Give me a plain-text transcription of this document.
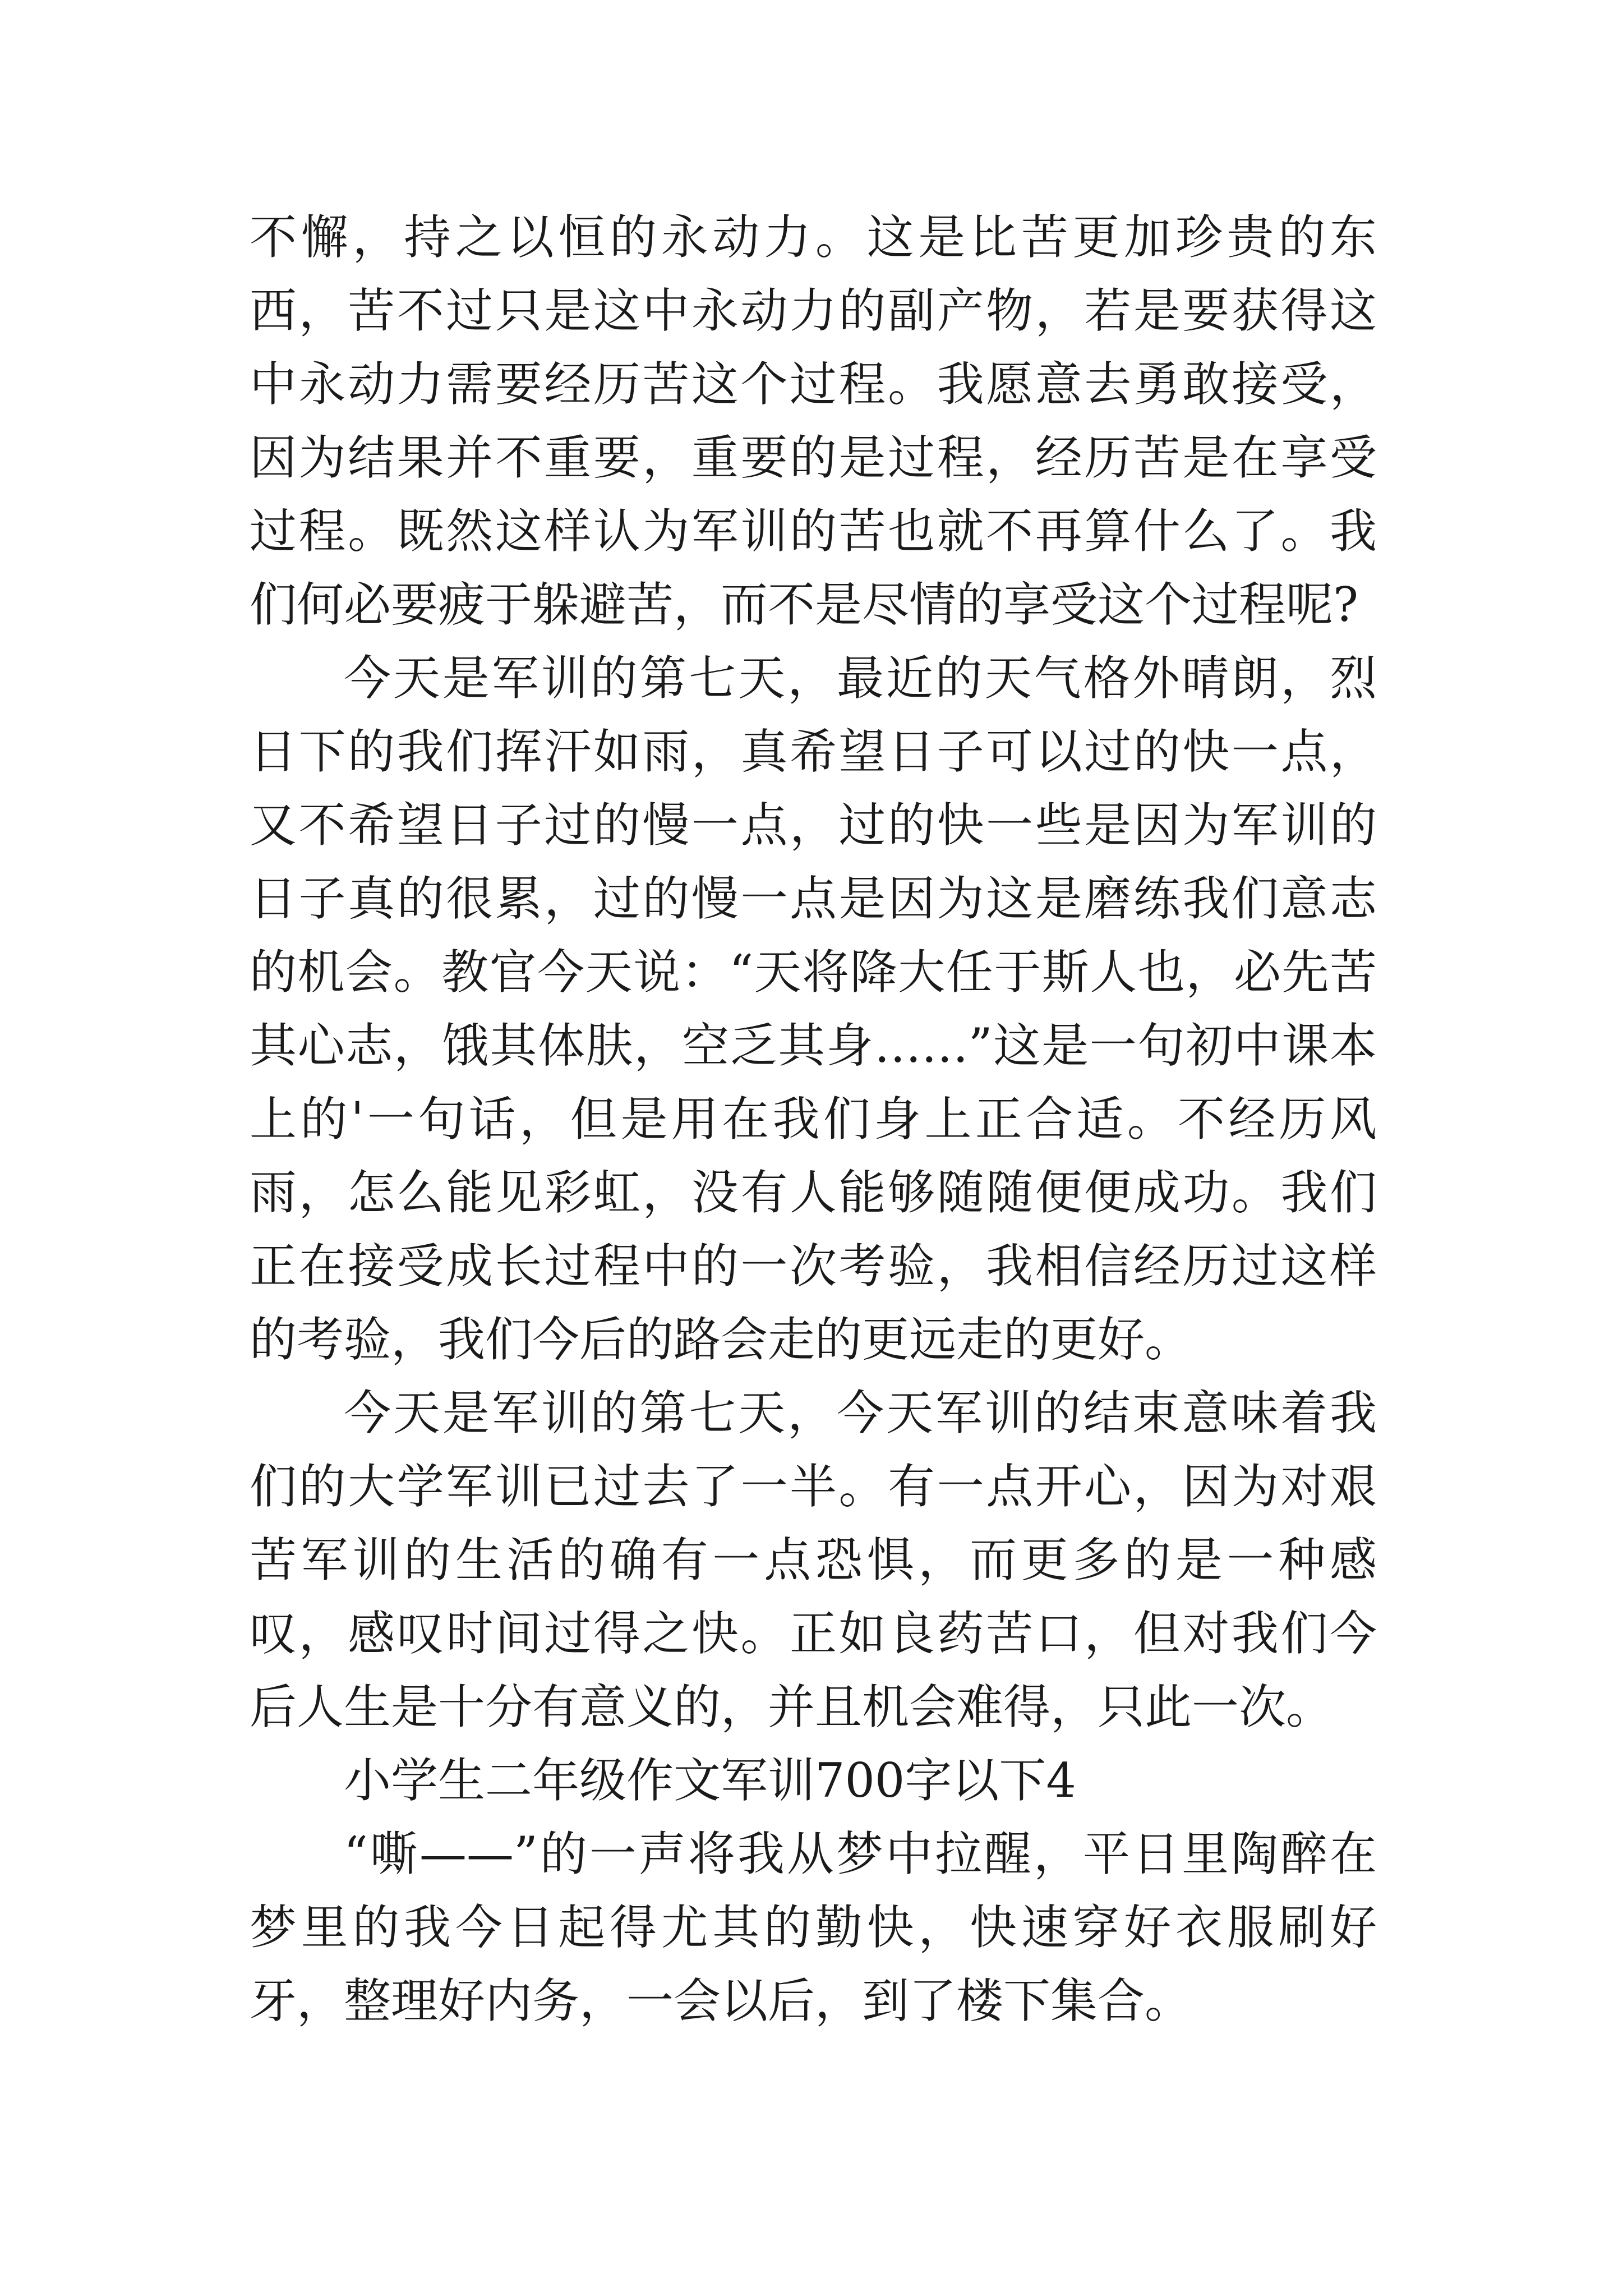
不懈，持之以恒的永动力。这是比苦更加珍贵的东西，苦不过只是这中永动力的副产物，若是要获得这中永动力需要经历苦这个过程。我愿意去勇敢接受，因为结果并不重要，重要的是过程，经历苦是在享受过程。既然这样认为军训的苦也就不再算什么了。我们何必要疲于躲避苦，而不是尽情的享受这个过程呢?

今天是军训的第七天，最近的天气格外晴朗，烈日下的我们挥汗如雨，真希望日子可以过的快一点，又不希望日子过的慢一点，过的快一些是因为军训的日子真的很累，过的慢一点是因为这是磨练我们意志的机会。教官今天说：“天将降大任于斯人也，必先苦其心志，饿其体肤，空乏其身……”这是一句初中课本上的'一句话，但是用在我们身上正合适。不经历风雨，怎么能见彩虹，没有人能够随随便便成功。我们正在接受成长过程中的一次考验，我相信经历过这样的考验，我们今后的路会走的更远走的更好。

今天是军训的第七天，今天军训的结束意味着我们的大学军训已过去了一半。有一点开心，因为对艰苦军训的生活的确有一点恐惧，而更多的是一种感叹，感叹时间过得之快。正如良药苦口，但对我们今后人生是十分有意义的，并且机会难得，只此一次。

小学生二年级作文军训700字以下4

“嘶——”的一声将我从梦中拉醒，平日里陶醉在梦里的我今日起得尤其的勤快，快速穿好衣服刷好牙，整理好内务，一会以后，到了楼下集合。
